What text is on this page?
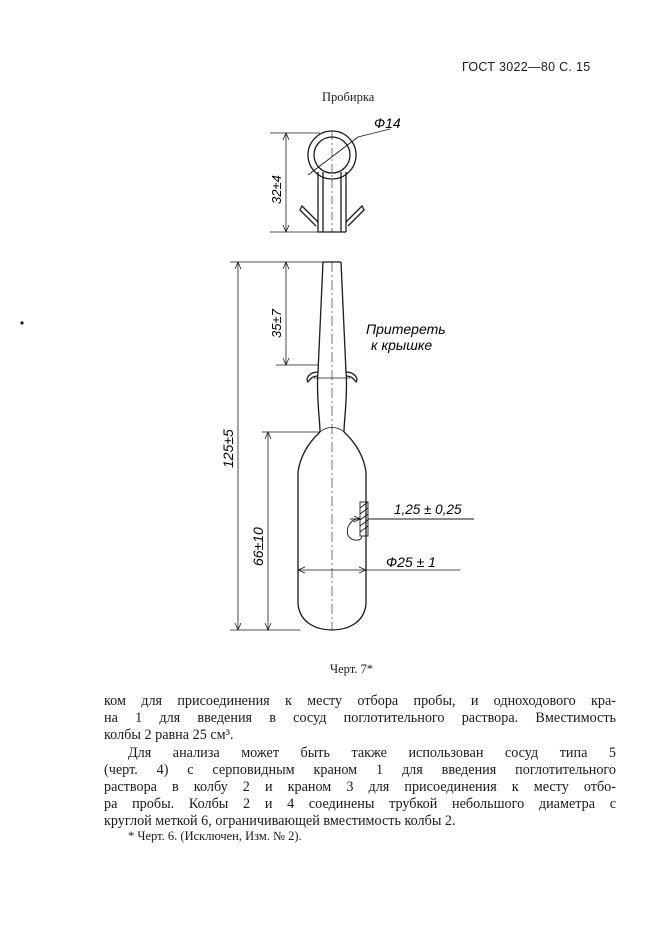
ГОСТ 3022—80 С. 15
Пробирка
Ф14
32±4
35±7	Притереть
к крышке
125±5
66±10
1,25 ± 0,25
Ф25 ± 1
Черт. 7*
ком для присоединения к месту отбора пробы, и одноходового кра-
на 1 для введения в сосуд поглотительного раствора. Вместимость
колбы 2 равна 25 см³.
Для анализа может быть также использован сосуд типа 5
(черт. 4) с серповидным краном 1 для введения поглотительного
раствора в колбу 2 и краном 3 для присоединения к месту отбо-
ра пробы. Колбы 2 и 4 соединены трубкой небольшого диаметра с
круглой меткой 6, ограничивающей вместимость колбы 2.
* Черт. 6. (Исключен, Изм. № 2).
